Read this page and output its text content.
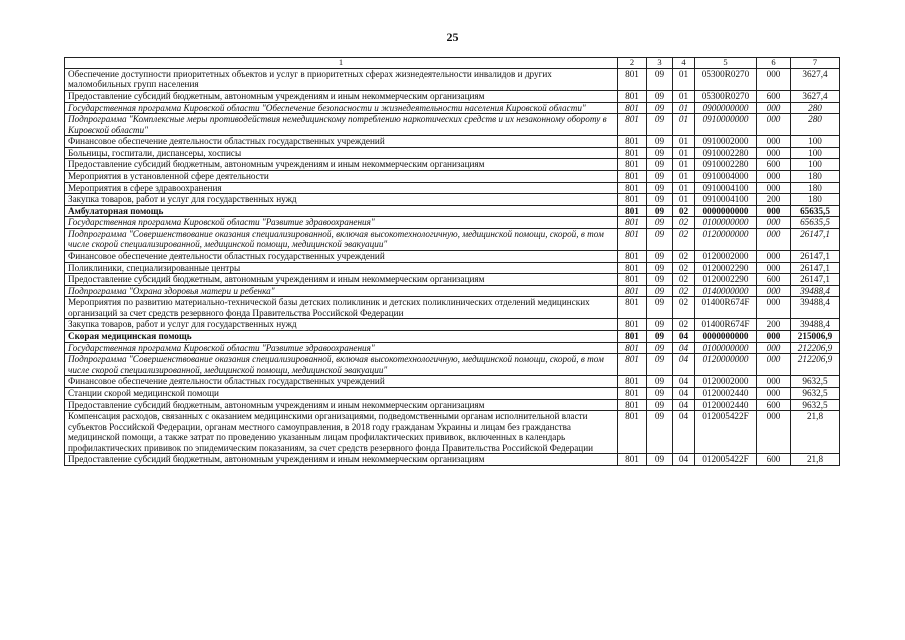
25
1	2	3	4	5	6	7
Обеспечение доступности приоритетных объектов и услуг в приоритетных сферах жизнедеятельности инвалидов и других маломобильных групп населения	801	09	01	05300R0270	000	3627,4
Предоставление субсидий бюджетным, автономным учреждениям и иным некоммерческим организациям	801	09	01	05300R0270	600	3627,4
Государственная программа Кировской области "Обеспечение безопасности и жизнедеятельности населения Кировской области"	801	09	01	0900000000	000	280
Подпрограмма "Комплексные меры противодействия немедицинскому потреблению наркотических средств и их незаконному обороту в Кировской области"	801	09	01	0910000000	000	280
Финансовое обеспечение деятельности областных государственных учреждений	801	09	01	0910002000	000	100
Больницы, госпитали, диспансеры, хосписы	801	09	01	0910002280	000	100
Предоставление субсидий бюджетным, автономным учреждениям и иным некоммерческим организациям	801	09	01	0910002280	600	100
Мероприятия в установленной сфере деятельности	801	09	01	0910004000	000	180
Мероприятия в сфере здравоохранения	801	09	01	0910004100	000	180
Закупка товаров, работ и услуг для государственных нужд	801	09	01	0910004100	200	180
Амбулаторная помощь	801	09	02	0000000000	000	65635,5
Государственная программа Кировской области "Развитие здравоохранения"	801	09	02	0100000000	000	65635,5
Подпрограмма "Совершенствование оказания специализированной, включая высокотехнологичную, медицинской помощи, скорой, в том числе скорой специализированной, медицинской помощи, медицинской эвакуации"	801	09	02	0120000000	000	26147,1
Финансовое обеспечение деятельности областных государственных учреждений	801	09	02	0120002000	000	26147,1
Поликлиники, специализированные центры	801	09	02	0120002290	000	26147,1
Предоставление субсидий бюджетным, автономным учреждениям и иным некоммерческим организациям	801	09	02	0120002290	600	26147,1
Подпрограмма "Охрана здоровья матери и ребенка"	801	09	02	0140000000	000	39488,4
Мероприятия по развитию материально-технической базы детских поликлиник и детских поликлинических отделений медицинских организаций за счет средств резервного фонда Правительства Российской Федерации	801	09	02	01400R674F	000	39488,4
Закупка товаров, работ и услуг для государственных нужд	801	09	02	01400R674F	200	39488,4
Скорая медицинская помощь	801	09	04	0000000000	000	215006,9
Государственная программа Кировской области "Развитие здравоохранения"	801	09	04	0100000000	000	212206,9
Подпрограмма "Совершенствование оказания специализированной, включая высокотехнологичную, медицинской помощи, скорой, в том числе скорой специализированной, медицинской помощи, медицинской эвакуации"	801	09	04	0120000000	000	212206,9
Финансовое обеспечение деятельности областных государственных учреждений	801	09	04	0120002000	000	9632,5
Станции скорой медицинской помощи	801	09	04	0120002440	000	9632,5
Предоставление субсидий бюджетным, автономным учреждениям и иным некоммерческим организациям	801	09	04	0120002440	600	9632,5
Компенсация расходов, связанных с оказанием медицинскими организациями, подведомственными органам исполнительной власти субъектов Российской Федерации, органам местного самоуправления, в 2018 году гражданам Украины и лицам без гражданства медицинской помощи, а также затрат по проведению указанным лицам профилактических прививок, включенных в календарь профилактических прививок по эпидемическим показаниям, за счет средств резервного фонда Правительства Российской Федерации	801	09	04	012005422F	000	21,8
Предоставление субсидий бюджетным, автономным учреждениям и иным некоммерческим организациям	801	09	04	012005422F	600	21,8
